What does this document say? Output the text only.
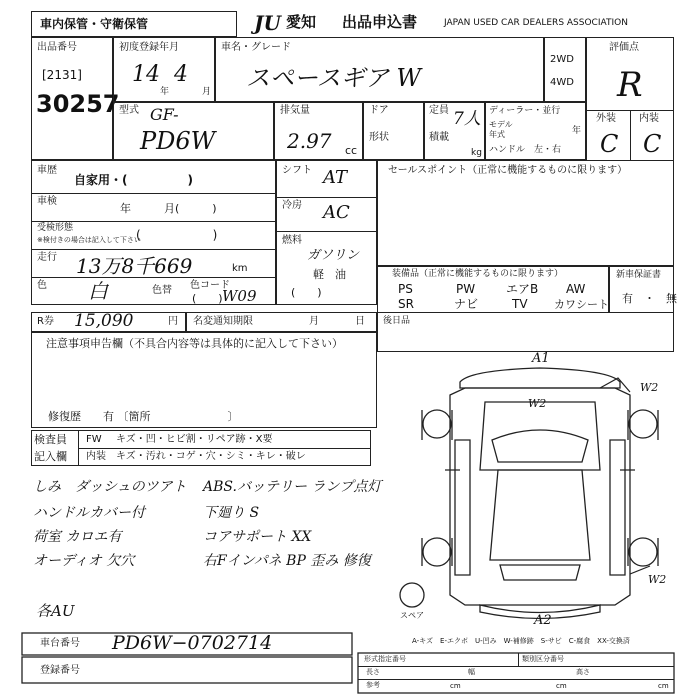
車内保管・守衛保管	JU 愛知 出品申込書	JAPAN USED CAR DEALERS ASSOCIATION
出品番号
[2131]
30257
初度登録年月
14
年
4
月
車名・グレード
スペースギア W
2WD
4WD
評価点
R
外装 内装
C C
型式 GF-
PD6W
排気量
2.97 cc
ドア
形状
定員 7人
積載
kg
ディーラー・並行
モデル
年式	年
ハンドル　左・右
車歴
自家用・(　　　　　)
車検
年　　　月(　　　)
受検形態
※検付きの場合は記入して下さい
(　　　　　　)
走行 13万8千669	km
色 白	色替 色コード
(　　) W09
シフト AT
冷房 AC
燃料
ガソリン
軽　油
(　　)
セールスポイント（正常に機能するものに限ります）
装備品（正常に機能するものに限ります）
PS	PW	エアB AW
SR	ナビ	TV カワシート
新車保証書
有　・　無
R券 15,090	円 名変通知期限	月	日 後日品
注意事項申告欄（不具合内容等は具体的に記入して下さい）
修復歴　　有 〔箇所　　　　　　　〕
検査員
記入欄
FW キズ・凹・ヒビ割・リペア跡・X要
内装 キズ・汚れ・コゲ・穴・シミ・キレ・破レ
しみ　ダッシュのツアト
ハンドルカバー付
荷室 カロエ有
オーディオ 欠穴
ABS.バッテリー ランプ点灯
下廻り S
コアサポート XX
右Fインパネ BP 歪み 修復
各AU
A1
W2
W2
A2
W2
スペア
A-キズ　E-エクボ　U-凹み　W-補修跡　S-サビ　C-腐食　XX-交換済
車台番号 PD6W−0702714
登録番号
形式指定番号	類別区分番号
長さ	幅	高さ
参考	cm	cm	cm
